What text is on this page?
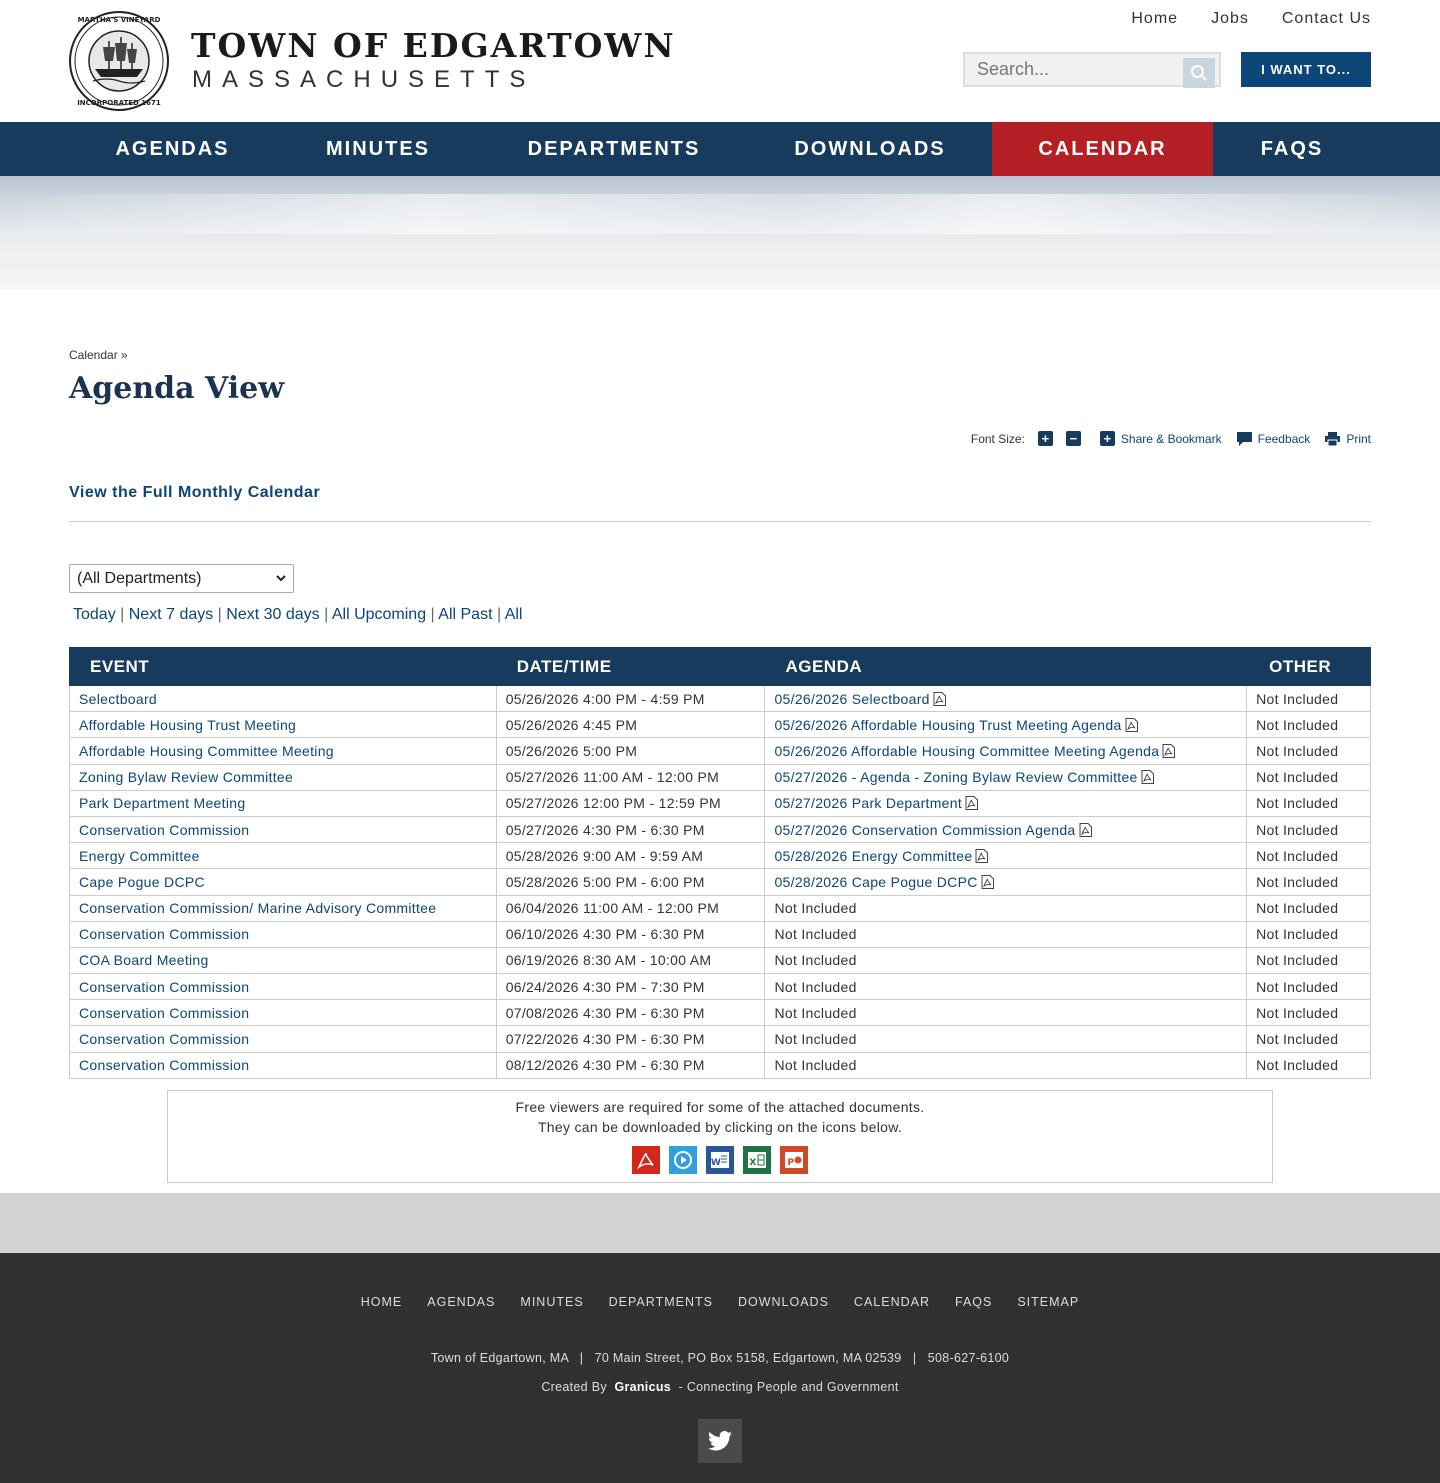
MARTHA'S VINEYARD
INCORPORATED 1671
TOWN OF EDGARTOWN
MASSACHUSETTS
Home Jobs Contact Us
Search...
I WANT TO...
AGENDAS	MINUTES	DEPARTMENTS	DOWNLOADS	CALENDAR	FAQS
Calendar »
Agenda View
Font Size: + − + Share & Bookmark	Feedback	Print
View the Full Monthly Calendar
(All Departments)
Today | Next 7 days | Next 30 days | All Upcoming | All Past | All
EVENT	DATE/TIME	AGENDA	OTHER
Selectboard	05/26/2026 4:00 PM - 4:59 PM	05/26/2026 Selectboard	Not Included
Affordable Housing Trust Meeting	05/26/2026 4:45 PM	05/26/2026 Affordable Housing Trust Meeting Agenda	Not Included
Affordable Housing Committee Meeting	05/26/2026 5:00 PM	05/26/2026 Affordable Housing Committee Meeting Agenda	Not Included
Zoning Bylaw Review Committee	05/27/2026 11:00 AM - 12:00 PM	05/27/2026 - Agenda - Zoning Bylaw Review Committee	Not Included
Park Department Meeting	05/27/2026 12:00 PM - 12:59 PM	05/27/2026 Park Department	Not Included
Conservation Commission	05/27/2026 4:30 PM - 6:30 PM	05/27/2026 Conservation Commission Agenda	Not Included
Energy Committee	05/28/2026 9:00 AM - 9:59 AM	05/28/2026 Energy Committee	Not Included
Cape Pogue DCPC	05/28/2026 5:00 PM - 6:00 PM	05/28/2026 Cape Pogue DCPC	Not Included
Conservation Commission/ Marine Advisory Committee	06/04/2026 11:00 AM - 12:00 PM	Not Included	Not Included
Conservation Commission	06/10/2026 4:30 PM - 6:30 PM	Not Included	Not Included
COA Board Meeting	06/19/2026 8:30 AM - 10:00 AM	Not Included	Not Included
Conservation Commission	06/24/2026 4:30 PM - 7:30 PM	Not Included	Not Included
Conservation Commission	07/08/2026 4:30 PM - 6:30 PM	Not Included	Not Included
Conservation Commission	07/22/2026 4:30 PM - 6:30 PM	Not Included	Not Included
Conservation Commission	08/12/2026 4:30 PM - 6:30 PM	Not Included	Not Included
Free viewers are required for some of the attached documents.
They can be downloaded by clicking on the icons below.
W	X	P
HOME AGENDAS MINUTES DEPARTMENTS DOWNLOADS CALENDAR FAQS SITEMAP
Town of Edgartown, MA   |   70 Main Street, PO Box 5158, Edgartown, MA 02539   |   508-627-6100
Created By Granicus  - Connecting People and Government
